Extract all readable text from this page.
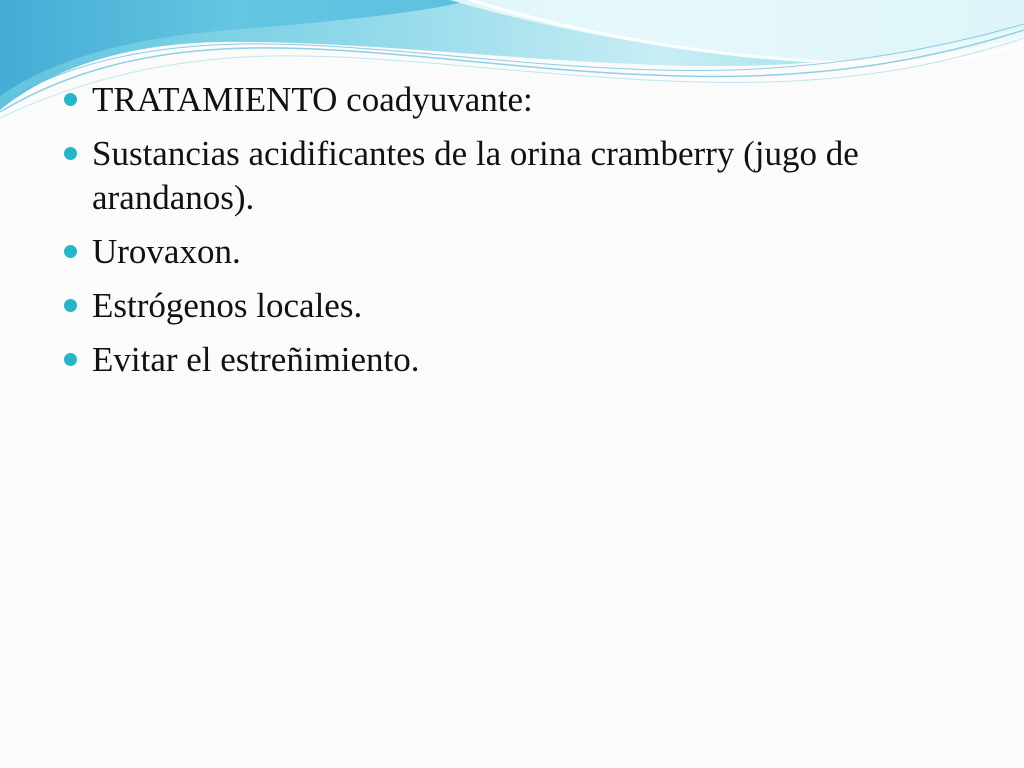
TRATAMIENTO coadyuvante:
Sustancias acidificantes de la orina cramberry (jugo de arandanos).
Urovaxon.
Estrógenos locales.
Evitar el estreñimiento.
